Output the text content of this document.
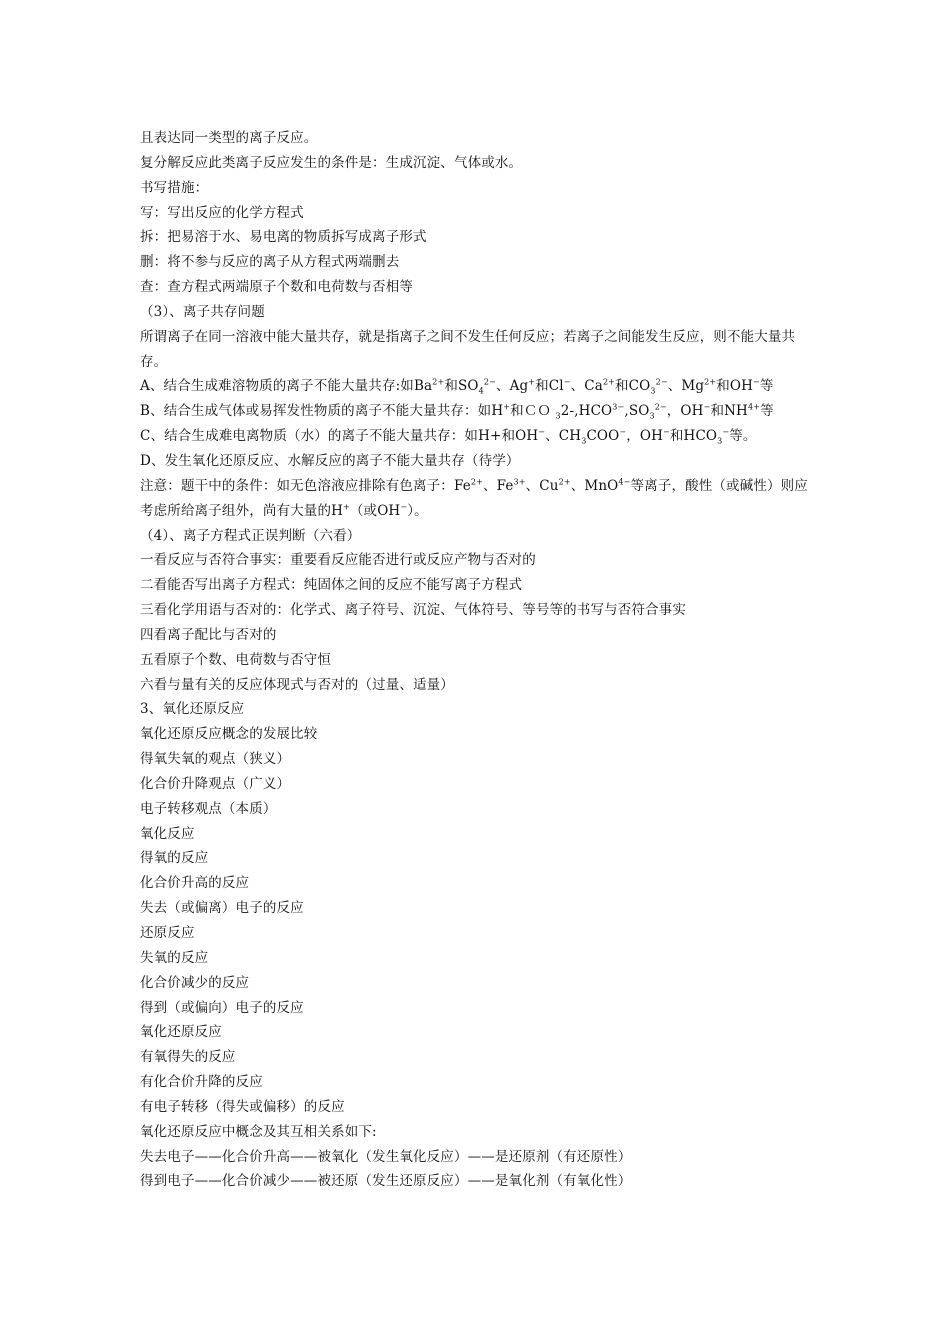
且表达同一类型的离子反应。
复分解反应此类离子反应发生的条件是：生成沉淀、气体或水。
书写措施：
写：写出反应的化学方程式
拆：把易溶于水、易电离的物质拆写成离子形式
删：将不参与反应的离子从方程式两端删去
查：查方程式两端原子个数和电荷数与否相等
（3）、离子共存问题
所谓离子在同一溶液中能大量共存，就是指离子之间不发生任何反应；若离子之间能发生反应，则不能大量共存。
A、结合生成难溶物质的离子不能大量共存:如$Ba^{2+}$和$SO_4^{2-}$、Ag+和Cl−、$Ca^{2+}$和$CO_3^{2-}$、$Mg^{2+}$和OH−等
B、结合生成气体或易挥发性物质的离子不能大量共存：如H+和ＣＯ $_32-,HCO^{3-},SO_3^{2-}$，OH−和$NH^{4+}$等
C、结合生成难电离物质（水）的离子不能大量共存：如H+和OH−、$CH_3COO^-$，OH−和$HCO_3^-$等。
D、发生氧化还原反应、水解反应的离子不能大量共存（待学）
注意：题干中的条件：如无色溶液应排除有色离子：$Fe^{2+}$、$Fe^{3+}$、$Cu^{2+}$、MnO$^{4-}$等离子，酸性（或碱性）则应考虑所给离子组外，尚有大量的H+（或OH−）。
（4）、离子方程式正误判断（六看）
一看反应与否符合事实：重要看反应能否进行或反应产物与否对的
二看能否写出离子方程式：纯固体之间的反应不能写离子方程式
三看化学用语与否对的：化学式、离子符号、沉淀、气体符号、等号等的书写与否符合事实
四看离子配比与否对的
五看原子个数、电荷数与否守恒
六看与量有关的反应体现式与否对的（过量、适量）
3、氧化还原反应
氧化还原反应概念的发展比较
得氧失氧的观点（狭义）
化合价升降观点（广义）
电子转移观点（本质）
氧化反应
得氧的反应
化合价升高的反应
失去（或偏离）电子的反应
还原反应
失氧的反应
化合价减少的反应
得到（或偏向）电子的反应
氧化还原反应
有氧得失的反应
有化合价升降的反应
有电子转移（得失或偏移）的反应
氧化还原反应中概念及其互相关系如下:
失去电子——化合价升高——被氧化（发生氧化反应）——是还原剂（有还原性）
得到电子——化合价减少——被还原（发生还原反应）——是氧化剂（有氧化性）
